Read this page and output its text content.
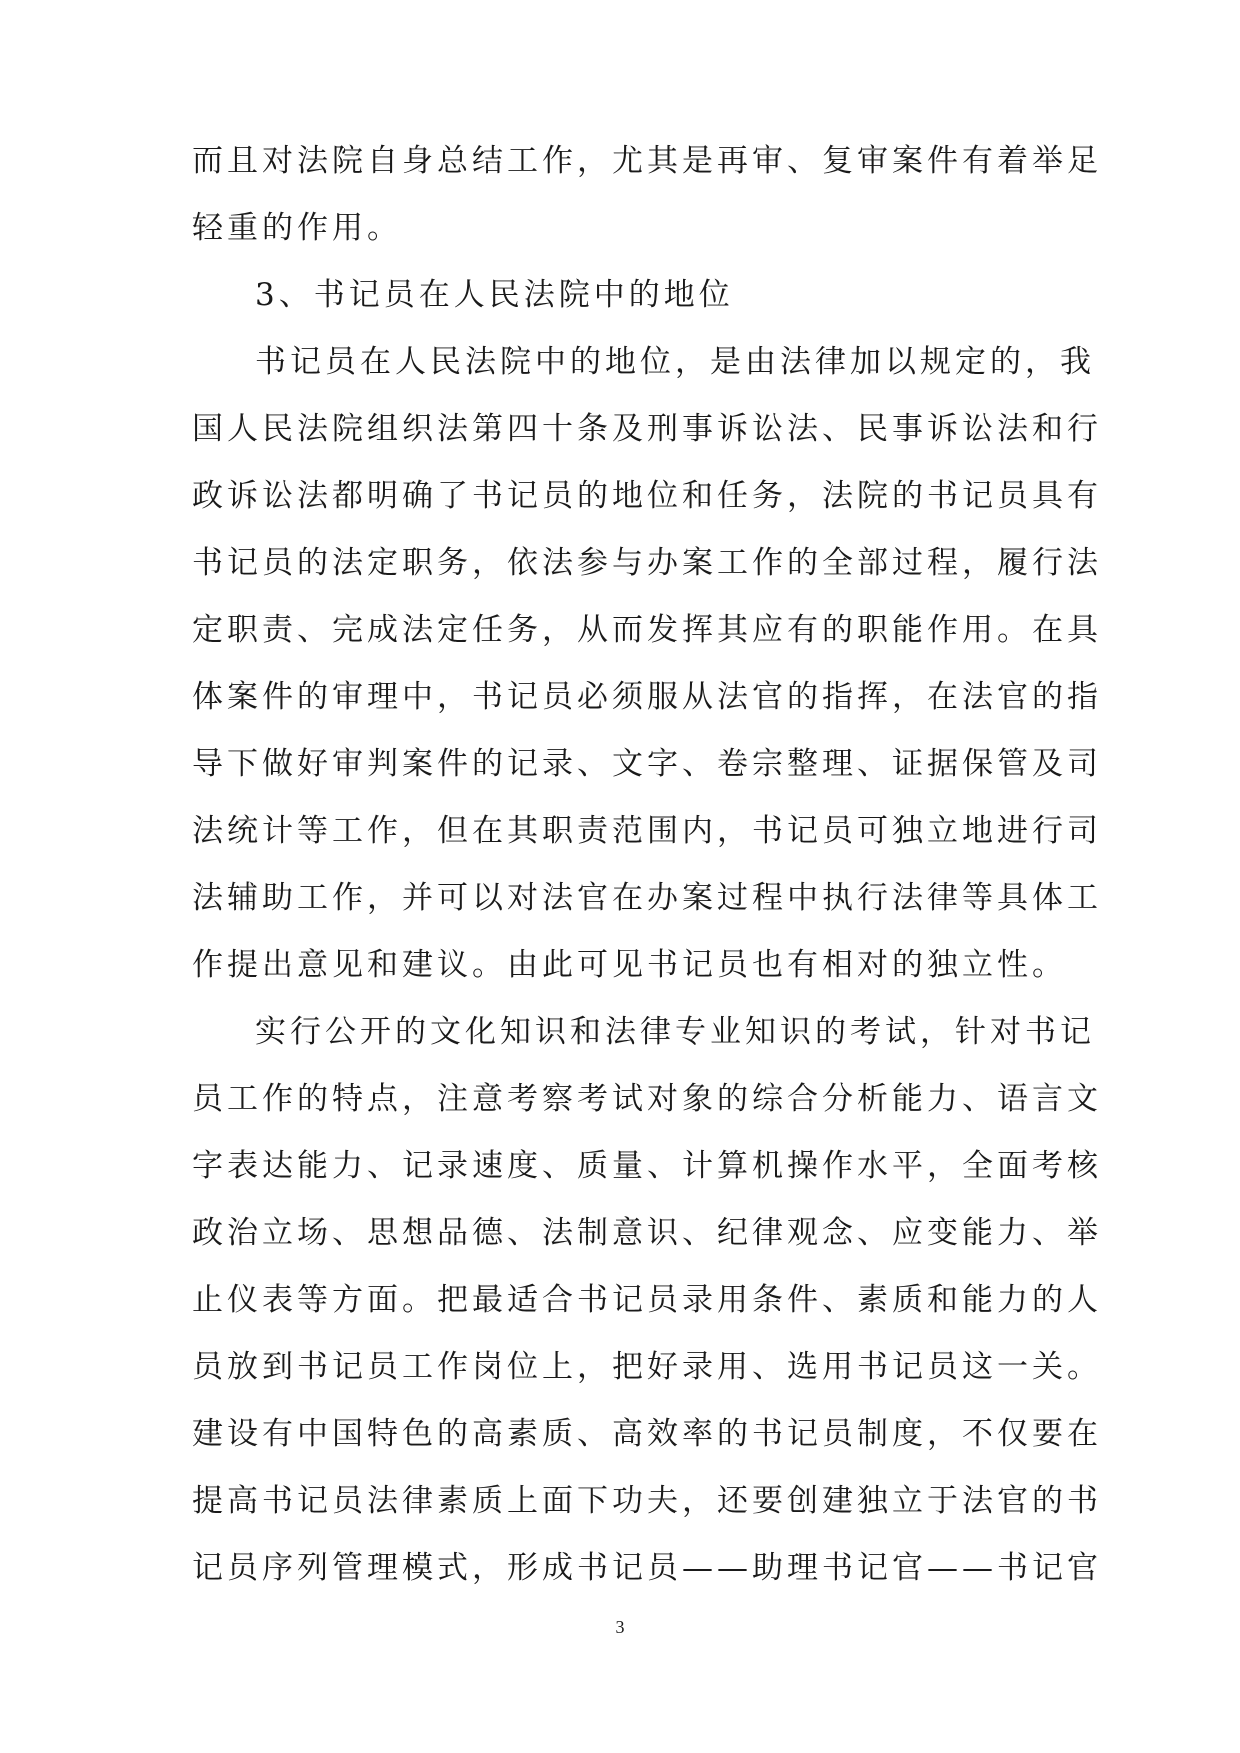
而且对法院自身总结工作，尤其是再审、复审案件有着举足
轻重的作用。
3、书记员在人民法院中的地位
书记员在人民法院中的地位，是由法律加以规定的，我
国人民法院组织法第四十条及刑事诉讼法、民事诉讼法和行
政诉讼法都明确了书记员的地位和任务，法院的书记员具有
书记员的法定职务，依法参与办案工作的全部过程，履行法
定职责、完成法定任务，从而发挥其应有的职能作用。在具
体案件的审理中，书记员必须服从法官的指挥，在法官的指
导下做好审判案件的记录、文字、卷宗整理、证据保管及司
法统计等工作，但在其职责范围内，书记员可独立地进行司
法辅助工作，并可以对法官在办案过程中执行法律等具体工
作提出意见和建议。由此可见书记员也有相对的独立性。
实行公开的文化知识和法律专业知识的考试，针对书记
员工作的特点，注意考察考试对象的综合分析能力、语言文
字表达能力、记录速度、质量、计算机操作水平，全面考核
政治立场、思想品德、法制意识、纪律观念、应变能力、举
止仪表等方面。把最适合书记员录用条件、素质和能力的人
员放到书记员工作岗位上，把好录用、选用书记员这一关。
建设有中国特色的高素质、高效率的书记员制度，不仅要在
提高书记员法律素质上面下功夫，还要创建独立于法官的书
记员序列管理模式，形成书记员——助理书记官——书记官
3
